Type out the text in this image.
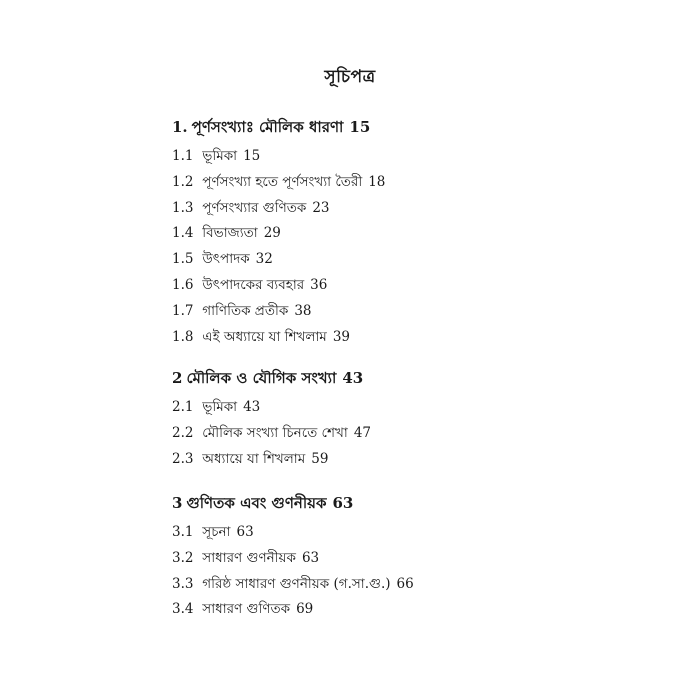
সূচিপত্র
1. পূর্ণসংখ্যাঃ মৌলিক ধারণা 15
1.1 ভূমিকা 15
1.2 পূর্ণসংখ্যা হতে পূর্ণসংখ্যা তৈরী 18
1.3 পূর্ণসংখ্যার গুণিতক 23
1.4 বিভাজ্যতা 29
1.5 উৎপাদক 32
1.6 উৎপাদকের ব্যবহার 36
1.7 গাণিতিক প্রতীক 38
1.8 এই অধ্যায়ে যা শিখলাম 39
2 মৌলিক ও যৌগিক সংখ্যা 43
2.1 ভূমিকা 43
2.2 মৌলিক সংখ্যা চিনতে শেখা 47
2.3 অধ্যায়ে যা শিখলাম 59
3 গুণিতক এবং গুণনীয়ক 63
3.1 সূচনা 63
3.2 সাধারণ গুণনীয়ক 63
3.3 গরিষ্ঠ সাধারণ গুণনীয়ক (গ.সা.গু.) 66
3.4 সাধারণ গুণিতক 69
